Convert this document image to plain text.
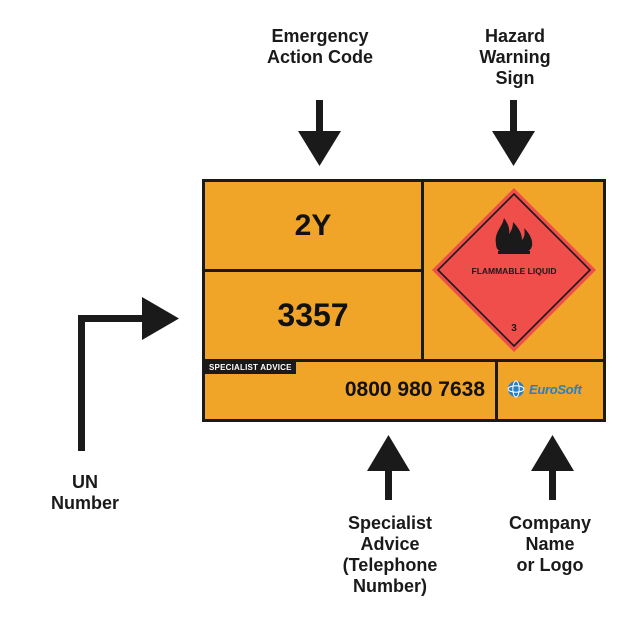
Emergency
Action Code
Hazard
Warning
Sign
UN
Number
Specialist
Advice
(Telephone
Number)
Company
Name
or Logo
2Y
3357
FLAMMABLE LIQUID
3
SPECIALIST ADVICE
0800 980 7638	EuroSoft
